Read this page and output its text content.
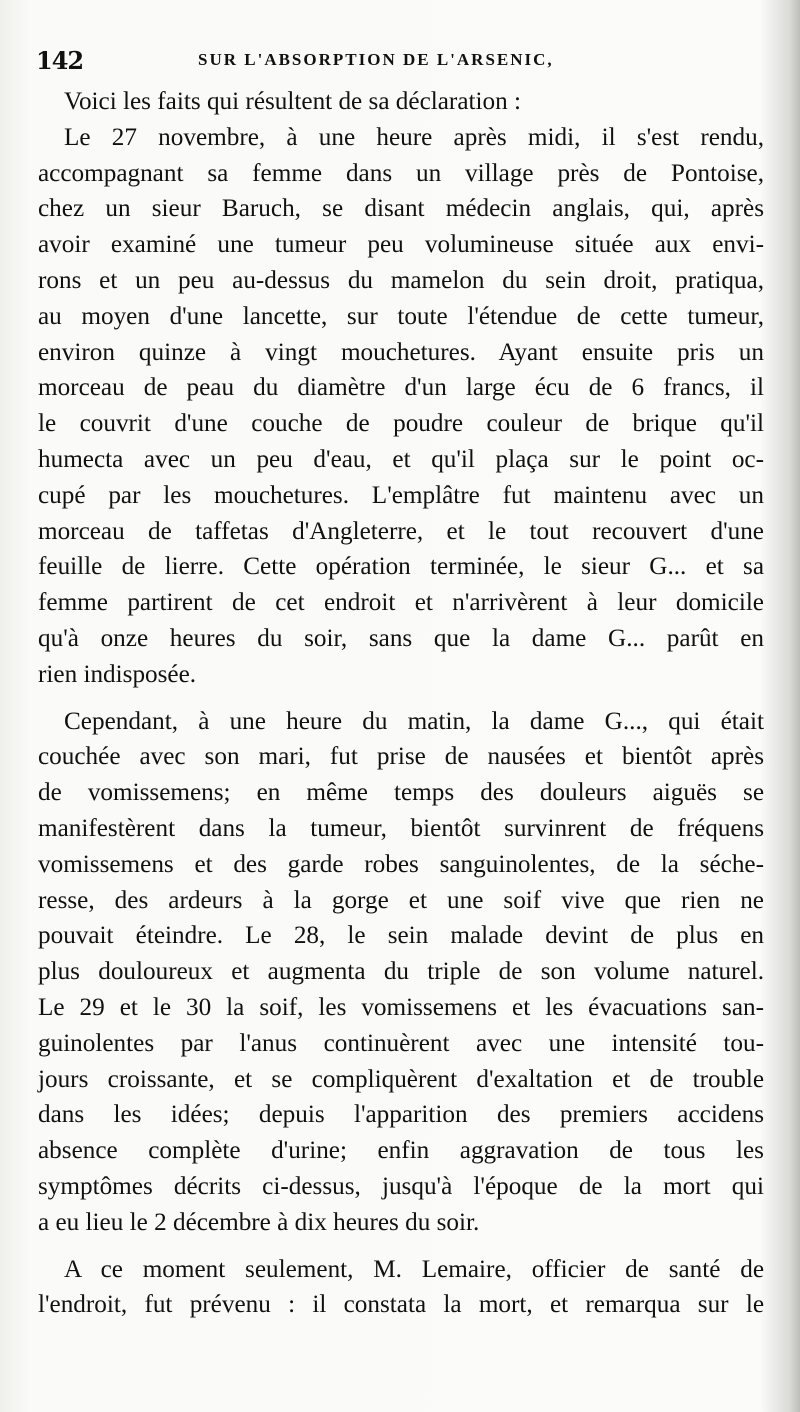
142	SUR L'ABSORPTION DE L'ARSENIC,
Voici les faits qui résultent de sa déclaration :
Le 27 novembre, à une heure après midi, il s'est rendu,
accompagnant sa femme dans un village près de Pontoise,
chez un sieur Baruch, se disant médecin anglais, qui, après
avoir examiné une tumeur peu volumineuse située aux envi-
rons et un peu au-dessus du mamelon du sein droit, pratiqua,
au moyen d'une lancette, sur toute l'étendue de cette tumeur,
environ quinze à vingt mouchetures. Ayant ensuite pris un
morceau de peau du diamètre d'un large écu de 6 francs, il
le couvrit d'une couche de poudre couleur de brique qu'il
humecta avec un peu d'eau, et qu'il plaça sur le point oc-
cupé par les mouchetures. L'emplâtre fut maintenu avec un
morceau de taffetas d'Angleterre, et le tout recouvert d'une
feuille de lierre. Cette opération terminée, le sieur G... et sa
femme partirent de cet endroit et n'arrivèrent à leur domicile
qu'à onze heures du soir, sans que la dame G... parût en
rien indisposée.
Cependant, à une heure du matin, la dame G..., qui était
couchée avec son mari, fut prise de nausées et bientôt après
de vomissemens; en même temps des douleurs aiguës se
manifestèrent dans la tumeur, bientôt survinrent de fréquens
vomissemens et des garde robes sanguinolentes, de la séche-
resse, des ardeurs à la gorge et une soif vive que rien ne
pouvait éteindre. Le 28, le sein malade devint de plus en
plus douloureux et augmenta du triple de son volume naturel.
Le 29 et le 30 la soif, les vomissemens et les évacuations san-
guinolentes par l'anus continuèrent avec une intensité tou-
jours croissante, et se compliquèrent d'exaltation et de trouble
dans les idées; depuis l'apparition des premiers accidens
absence complète d'urine; enfin aggravation de tous les
symptômes décrits ci-dessus, jusqu'à l'époque de la mort qui
a eu lieu le 2 décembre à dix heures du soir.
A ce moment seulement, M. Lemaire, officier de santé de
l'endroit, fut prévenu : il constata la mort, et remarqua sur le
